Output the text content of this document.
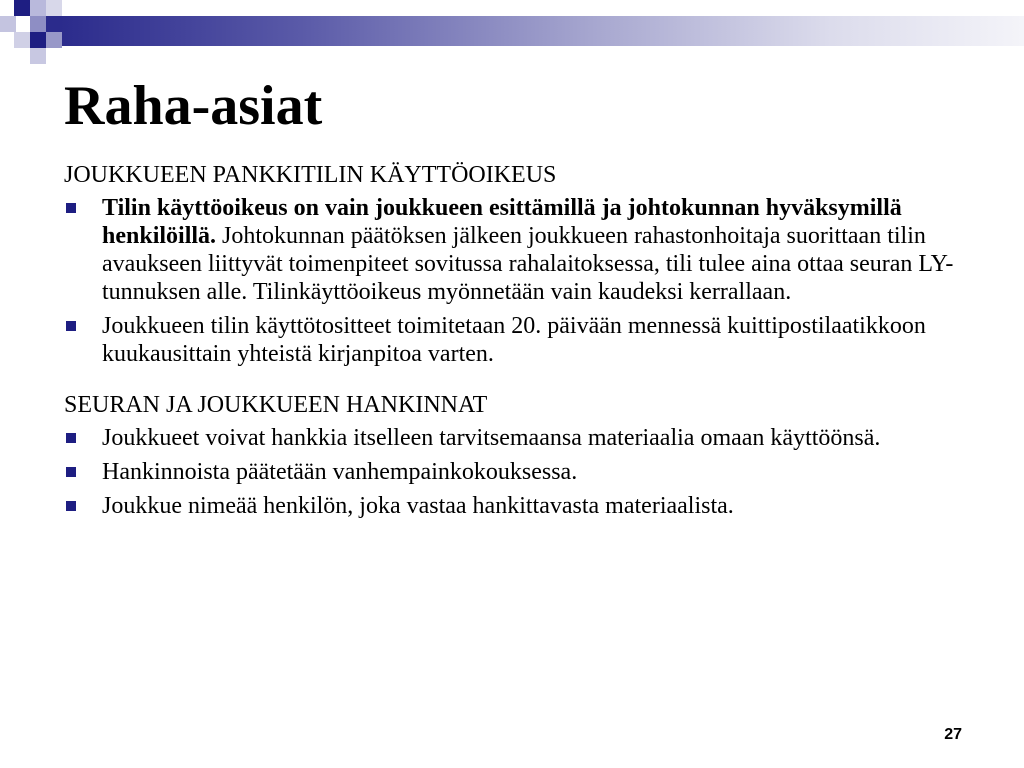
Raha-asiat
JOUKKUEEN PANKKITILIN KÄYTTÖOIKEUS
Tilin käyttöoikeus on vain joukkueen esittämillä ja johtokunnan hyväksymillä henkilöillä. Johtokunnan päätöksen jälkeen joukkueen rahastonhoitaja suorittaan tilin avaukseen liittyvät toimenpiteet sovitussa rahalaitoksessa, tili tulee aina ottaa seuran LY-tunnuksen alle. Tilinkäyttöoikeus myönnetään vain kaudeksi kerrallaan.
Joukkueen tilin käyttötositteet toimitetaan 20. päivään mennessä kuittipostilaatikkoon kuukausittain yhteistä kirjanpitoa varten.
SEURAN JA JOUKKUEEN HANKINNAT
Joukkueet voivat hankkia itselleen tarvitsemaansa materiaalia omaan käyttöönsä.
Hankinnoista päätetään vanhempainkokouksessa.
Joukkue nimeää henkilön, joka vastaa hankittavasta materiaalista.
27
